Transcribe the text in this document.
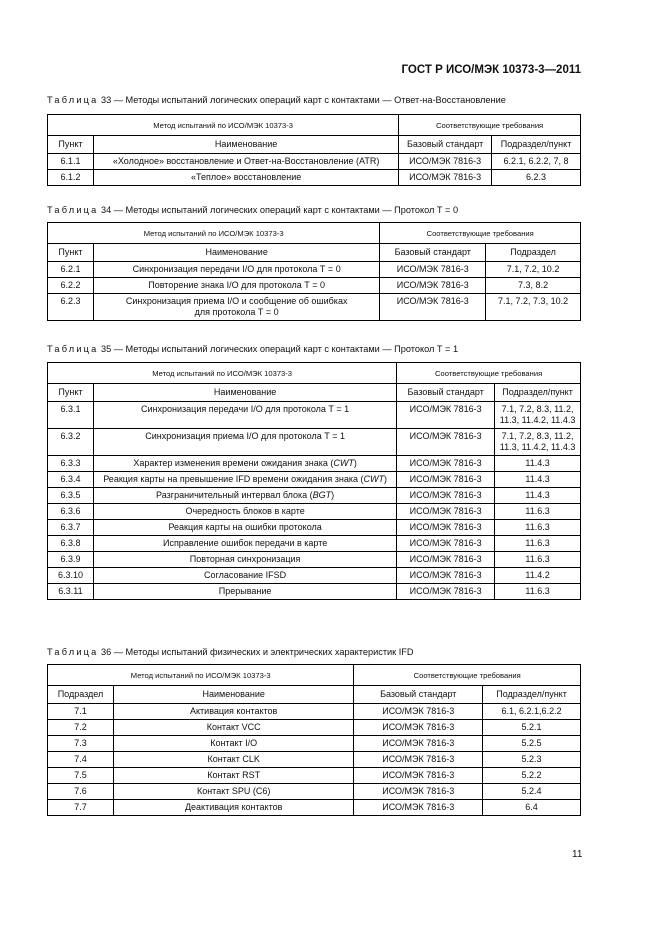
ГОСТ Р ИСО/МЭК 10373-3—2011
Таблица 33 — Методы испытаний логических операций карт с контактами — Ответ-на-Восстановление
Метод испытаний по ИСО/МЭК 10373-3		Соответствующие требования	
Пункт	Наименование	Базовый стандарт	Подраздел/пункт
6.1.1	«Холодное» восстановление и Ответ-на-Восстановление (ATR)	ИСО/МЭК 7816-3	6.2.1, 6.2.2, 7, 8
6.1.2	«Теплое» восстановление	ИСО/МЭК 7816-3	6.2.3
Таблица 34 — Методы испытаний логических операций карт с контактами — Протокол Т = 0
Метод испытаний по ИСО/МЭК 10373-3		Соответствующие требования	
Пункт	Наименование	Базовый стандарт	Подраздел
6.2.1	Синхронизация передачи I/O для протокола Т = 0	ИСО/МЭК 7816-3	7.1, 7.2, 10.2
6.2.2	Повторение знака I/O для протокола Т = 0	ИСО/МЭК 7816-3	7.3, 8.2
6.2.3	Синхронизация приема I/O и сообщение об ошибках для протокола Т = 0	ИСО/МЭК 7816-3	7.1, 7.2, 7.3, 10.2
Таблица 35 — Методы испытаний логических операций карт с контактами — Протокол Т = 1
Метод испытаний по ИСО/МЭК 10373-3		Соответствующие требования	
Пункт	Наименование	Базовый стандарт	Подраздел/пункт
6.3.1	Синхронизация передачи I/O для протокола Т = 1	ИСО/МЭК 7816-3	7.1, 7.2, 8.3, 11.2, 11.3, 11.4.2, 11.4.3
6.3.2	Синхронизация приема I/O для протокола Т = 1	ИСО/МЭК 7816-3	7.1, 7.2, 8.3, 11.2, 11.3, 11.4.2, 11.4.3
6.3.3	Характер изменения времени ожидания знака (CWT)	ИСО/МЭК 7816-3	11.4.3
6.3.4	Реакция карты на превышение IFD времени ожидания знака (CWT)	ИСО/МЭК 7816-3	11.4.3
6.3.5	Разграничительный интервал блока (BGT)	ИСО/МЭК 7816-3	11.4.3
6.3.6	Очередность блоков в карте	ИСО/МЭК 7816-3	11.6.3
6.3.7	Реакция карты на ошибки протокола	ИСО/МЭК 7816-3	11.6.3
6.3.8	Исправление ошибок передачи в карте	ИСО/МЭК 7816-3	11.6.3
6.3.9	Повторная синхронизация	ИСО/МЭК 7816-3	11.6.3
6.3.10	Согласование IFSD	ИСО/МЭК 7816-3	11.4.2
6.3.11	Прерывание	ИСО/МЭК 7816-3	11.6.3
Таблица 36 — Методы испытаний физических и электрических характеристик IFD
Метод испытаний по ИСО/МЭК 10373-3		Соответствующие требования	
Подраздел	Наименование	Базовый стандарт	Подраздел/пункт
7.1	Активация контактов	ИСО/МЭК 7816-3	6.1, 6.2.1,6.2.2
7.2	Контакт VCC	ИСО/МЭК 7816-3	5.2.1
7.3	Контакт I/O	ИСО/МЭК 7816-3	5.2.5
7.4	Контакт CLK	ИСО/МЭК 7816-3	5.2.3
7.5	Контакт RST	ИСО/МЭК 7816-3	5.2.2
7.6	Контакт SPU (C6)	ИСО/МЭК 7816-3	5.2.4
7.7	Деактивация контактов	ИСО/МЭК 7816-3	6.4
11
